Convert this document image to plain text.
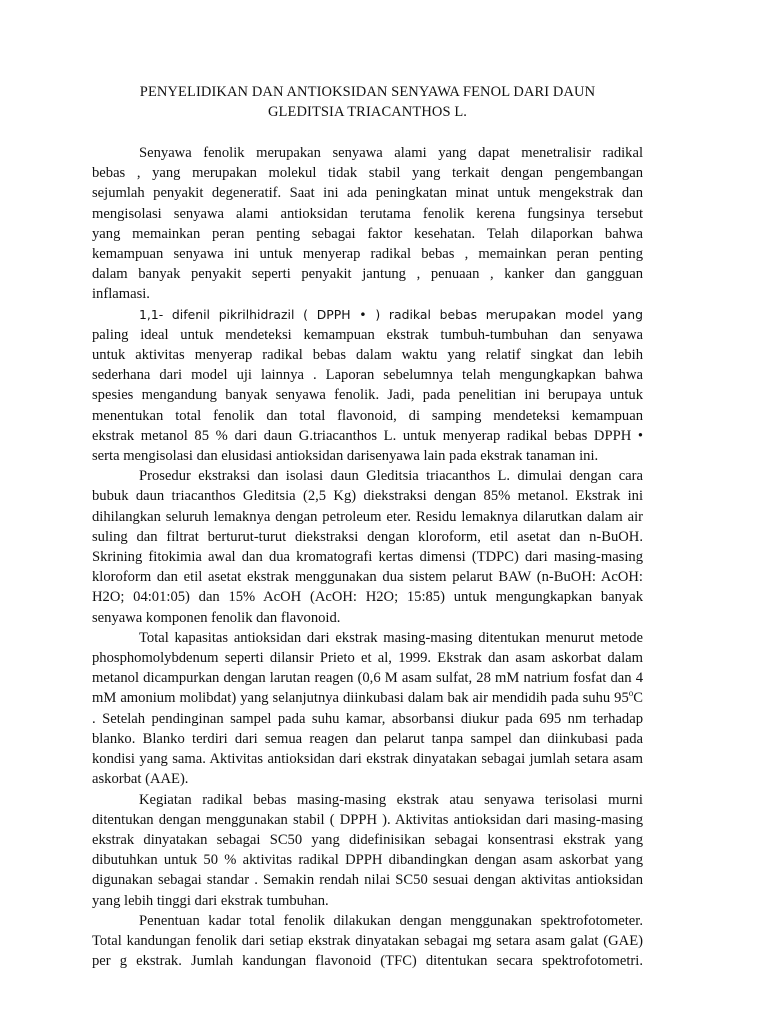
PENYELIDIKAN DAN ANTIOKSIDAN SENYAWA FENOL DARI DAUN
GLEDITSIA TRIACANTHOS L.

Senyawa fenolik merupakan senyawa alami yang dapat menetralisir radikal
bebas , yang merupakan molekul tidak stabil yang terkait dengan pengembangan
sejumlah penyakit degeneratif. Saat ini ada peningkatan minat untuk mengekstrak dan
mengisolasi senyawa alami antioksidan terutama fenolik kerena fungsinya tersebut
yang memainkan peran penting sebagai faktor kesehatan. Telah dilaporkan bahwa
kemampuan senyawa ini untuk menyerap radikal bebas , memainkan peran penting
dalam banyak penyakit seperti penyakit jantung , penuaan , kanker dan gangguan
inflamasi.

1,1- difenil pikrilhidrazil ( DPPH • ) radikal bebas merupakan model yang
paling ideal untuk mendeteksi kemampuan ekstrak tumbuh-tumbuhan dan senyawa
untuk aktivitas menyerap radikal bebas dalam waktu yang relatif singkat dan lebih
sederhana dari model uji lainnya . Laporan sebelumnya telah mengungkapkan bahwa
spesies mengandung banyak senyawa fenolik. Jadi, pada penelitian ini berupaya untuk
menentukan total fenolik dan total flavonoid, di samping mendeteksi kemampuan
ekstrak metanol 85 % dari daun G.triacanthos L. untuk menyerap radikal bebas DPPH •
serta mengisolasi dan elusidasi antioksidan darisenyawa lain pada ekstrak tanaman ini.

Prosedur ekstraksi dan isolasi daun Gleditsia triacanthos L. dimulai dengan cara
bubuk daun triacanthos Gleditsia (2,5 Kg) diekstraksi dengan 85% metanol. Ekstrak ini
dihilangkan seluruh lemaknya dengan petroleum eter. Residu lemaknya dilarutkan dalam air
suling dan filtrat berturut-turut diekstraksi dengan kloroform, etil asetat dan n-BuOH.
Skrining fitokimia awal dan dua kromatografi kertas dimensi (TDPC) dari masing-masing
kloroform dan etil asetat ekstrak menggunakan dua sistem pelarut BAW (n-BuOH: AcOH:
H2O; 04:01:05) dan 15% AcOH (AcOH: H2O; 15:85) untuk mengungkapkan banyak
senyawa komponen fenolik dan flavonoid.

Total kapasitas antioksidan dari ekstrak masing-masing ditentukan menurut metode
phosphomolybdenum seperti dilansir Prieto et al, 1999. Ekstrak dan asam askorbat dalam
metanol dicampurkan dengan larutan reagen (0,6 M asam sulfat, 28 mM natrium fosfat dan 4
mM amonium molibdat) yang selanjutnya diinkubasi dalam bak air mendidih pada suhu 95$^o$C
. Setelah pendinginan sampel pada suhu kamar, absorbansi diukur pada 695 nm terhadap
blanko. Blanko terdiri dari semua reagen dan pelarut tanpa sampel dan diinkubasi pada
kondisi yang sama. Aktivitas antioksidan dari ekstrak dinyatakan sebagai jumlah setara asam
askorbat (AAE).

Kegiatan radikal bebas masing-masing ekstrak atau senyawa terisolasi murni
ditentukan dengan menggunakan stabil ( DPPH ). Aktivitas antioksidan dari masing-masing
ekstrak dinyatakan sebagai SC50 yang didefinisikan sebagai konsentrasi ekstrak yang
dibutuhkan untuk 50 % aktivitas radikal DPPH dibandingkan dengan asam askorbat yang
digunakan sebagai standar . Semakin rendah nilai SC50 sesuai dengan aktivitas antioksidan
yang lebih tinggi dari ekstrak tumbuhan.

Penentuan kadar total fenolik dilakukan dengan menggunakan spektrofotometer.
Total kandungan fenolik dari setiap ekstrak dinyatakan sebagai mg setara asam galat (GAE)
per g ekstrak. Jumlah kandungan flavonoid (TFC) ditentukan secara spektrofotometri.
